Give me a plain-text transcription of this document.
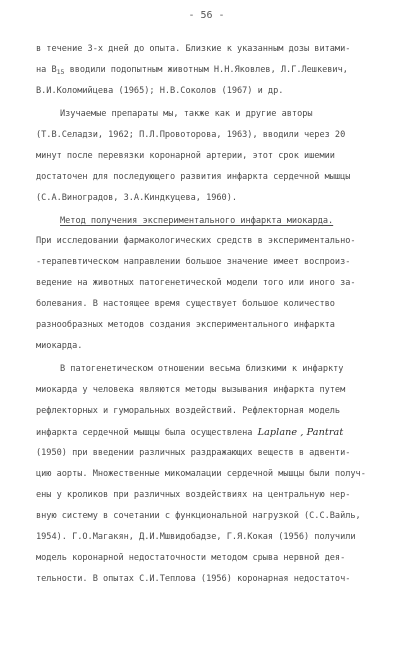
- 56 -
в течение 3-х дней до опыта. Близкие к указанным дозы витами-
на $В_{15}$ вводили подопытным животным Н.Н.Яковлев, Л.Г.Лешкевич,
В.И.Коломийцева (1965); Н.В.Соколов (1967) и др.
Изучаемые препараты мы, также как и другие авторы
(Т.В.Селадзи, 1962; П.Л.Провоторова, 1963), вводили через 20
минут после перевязки коронарной артерии, этот срок ишемии
достаточен для последующего развития инфаркта сердечной мышцы
(С.А.Виноградов, З.А.Киндкуцева, 1960).
Метод получения экспериментального инфаркта миокарда.
При исследовании фармакологических средств в экспериментально-
-терапевтическом направлении большое значение имеет воспроиз-
ведение на животных патогенетической модели того или иного за-
болевания. В настоящее время существует большое количество
разнообразных методов создания экспериментального инфаркта
миокарда.
В патогенетическом отношении весьма близкими к инфаркту
миокарда у человека являются методы вызывания инфаркта путем
рефлекторных и гуморальных воздействий. Рефлекторная модель
инфаркта сердечной мышцы была осуществлена Laplane , Pantrat
(1950) при введении различных раздражающих веществ в адвенти-
цию аорты. Множественные микомалации сердечной мышцы были получ-
ены у кроликов при различных воздействиях на центральную нер-
вную систему в сочетании с функциональной нагрузкой (С.С.Вайль,
1954). Г.О.Магакян, Д.И.Мшвидобадзе, Г.Я.Кокая (1956) получили
модель коронарной недостаточности методом срыва нервной дея-
тельности. В опытах С.И.Теплова (1956) коронарная недостаточ-
